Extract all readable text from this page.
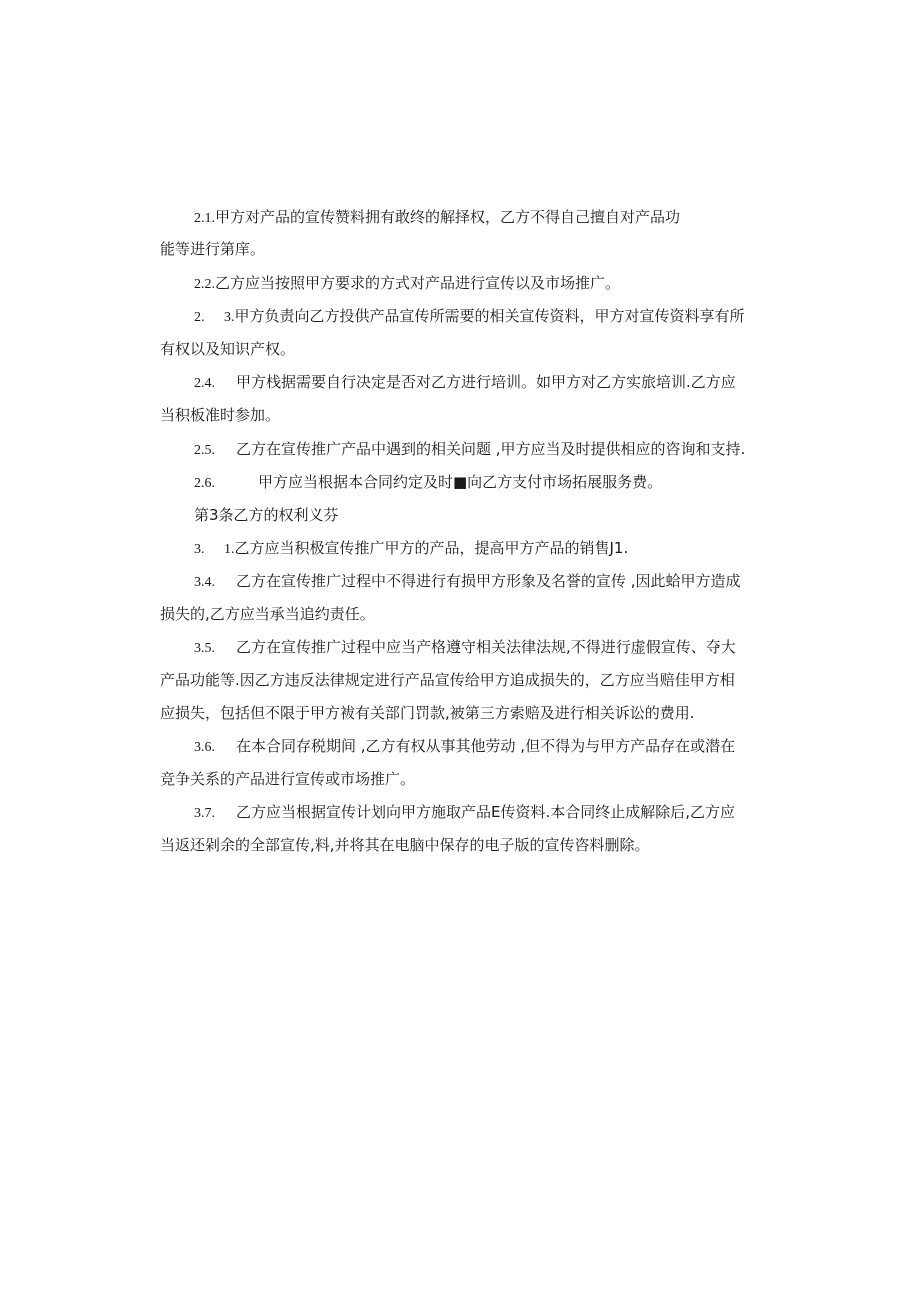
2.1.甲方对产品的宣传赞料拥有敢终的解择权，乙方不得自己擅自对产品功
能等进行第庠。
2.2.乙方应当按照甲方要求的方式对产品进行宣传以及市场推广。
2. 3.甲方负责向乙方投供产品宣传所需要的相关宣传资料，甲方对宣传资料享有所
有权以及知识产权。
2.4. 甲方栈据需要自行决定是否对乙方进行培训。如甲方对乙方实旅培训.乙方应
当积板准时参加。
2.5. 乙方在宣传推广产品中遇到的相关问题 ,甲方应当及时提供相应的咨询和支持.
2.6.	甲方应当根据本合同约定及时■向乙方支付市场拓展服务费。
第3条乙方的权利义芬
3. 1.乙方应当积极宣传推广甲方的产品，提高甲方产品的销售J1.
3.4. 乙方在宣传推广过程中不得进行有损甲方形象及名誉的宣传 ,因此蛤甲方造成
损失的,乙方应当承当追约责任。
3.5. 乙方在宣传推广过程中应当产格遵守相关法律法规,不得进行虚假宣传、夺大
产品功能等.因乙方违反法律规定进行产品宣传给甲方追成损失的，乙方应当赔佳甲方相
应损失，包括但不限于甲方袚有关部门罚款,被第三方索赔及进行相关诉讼的费用.
3.6. 在本合同存税期间 ,乙方有权从事其他劳动 ,但不得为与甲方产品存在或潜在
竞争关系的产品进行宣传或市场推广。
3.7. 乙方应当根据宣传计划向甲方施取产品E传资料.本合同终止成解除后,乙方应
当返还剁余的全部宣传,料,并将其在电脑中保存的电子版的宣传咨料删除。
